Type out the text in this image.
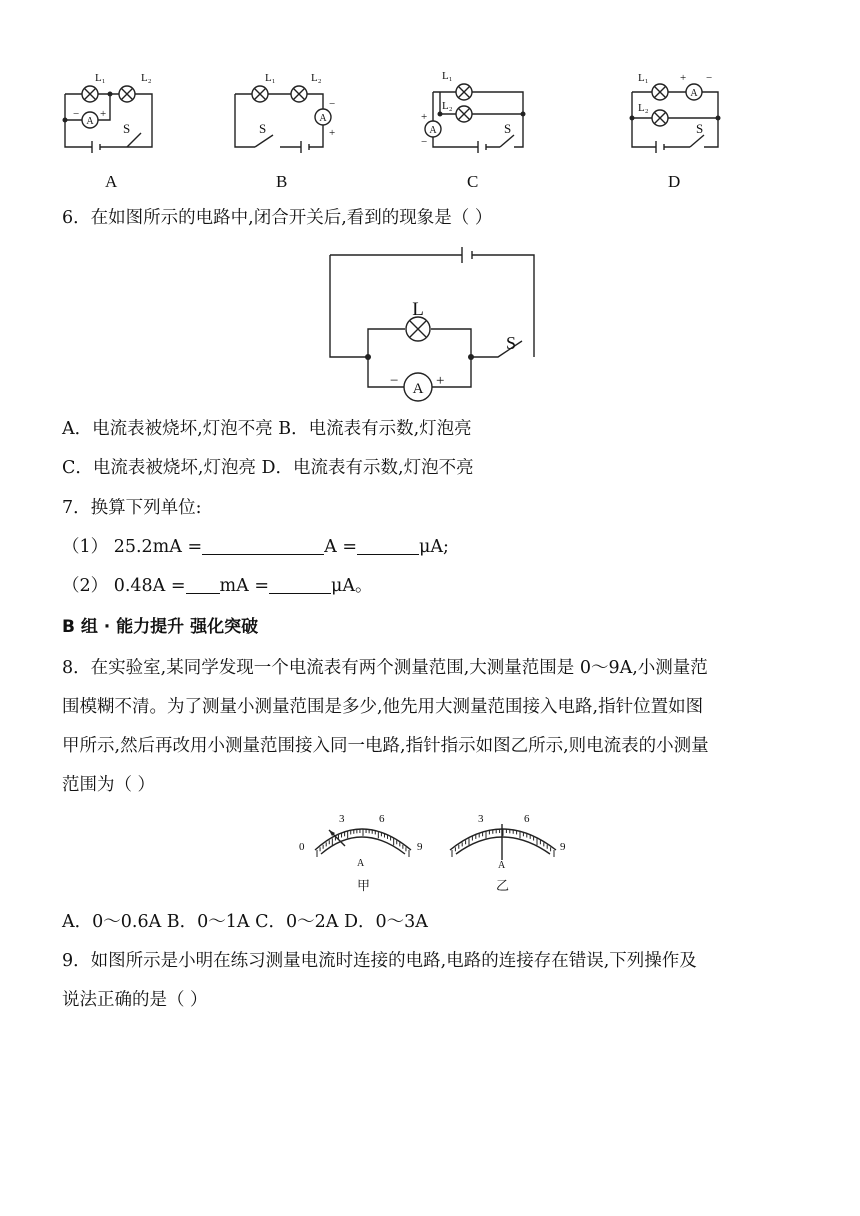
A
L₁	L₂
S
− +
A
A
L₁	L₂
S
−
+
B
A
L₁
L₂
S
+
−
C
A
L₁
L₂
S
+ −
D
6．在如图所示的电路中,闭合开关后,看到的现象是（ ）
L
S
A
−	+
A．电流表被烧坏,灯泡不亮 B．电流表有示数,灯泡亮
C．电流表被烧坏,灯泡亮 D．电流表有示数,灯泡不亮
7．换算下列单位:
（1） 25.2mA =	A =	μA;
（2） 0.48A = mA =	μA。
B 组 · 能力提升 强化突破
8．在实验室,某同学发现一个电流表有两个测量范围,大测量范围是 0～9A,小测量范
围模糊不清。为了测量小测量范围是多少,他先用大测量范围接入电路,指针位置如图
甲所示,然后再改用小测量范围接入同一电路,指针指示如图乙所示,则电流表的小测量
范围为（ ）
0
3	6
9
A
甲
3	6
9
A
乙
A．0～0.6A B．0～1A C．0～2A D．0～3A
9．如图所示是小明在练习测量电流时连接的电路,电路的连接存在错误,下列操作及
说法正确的是（ ）
